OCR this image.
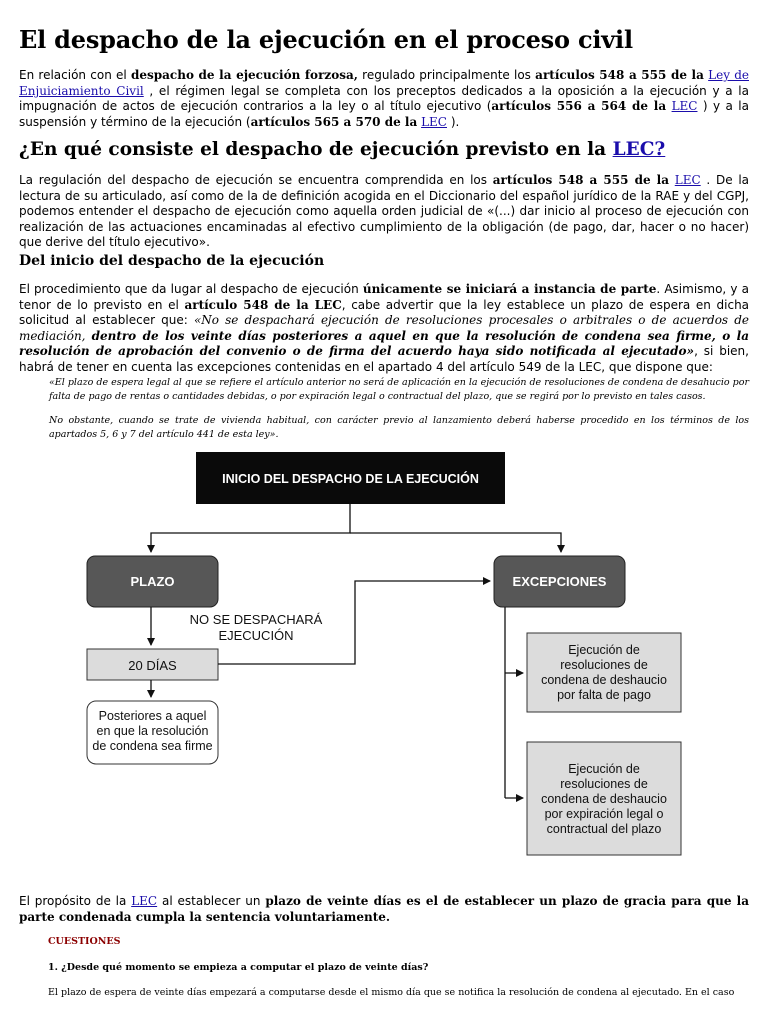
El despacho de la ejecución en el proceso civil
En relación con el despacho de la ejecución forzosa, regulado principalmente los artículos 548 a 555 de la Ley de Enjuiciamiento Civil , el régimen legal se completa con los preceptos dedicados a la oposición a la ejecución y a la impugnación de actos de ejecución contrarios a la ley o al título ejecutivo (artículos 556 a 564 de la LEC ) y a la suspensión y término de la ejecución (artículos 565 a 570 de la LEC ).
¿En qué consiste el despacho de ejecución previsto en la LEC?
La regulación del despacho de ejecución se encuentra comprendida en los artículos 548 a 555 de la LEC . De la lectura de su articulado, así como de la de definición acogida en el Diccionario del español jurídico de la RAE y del CGPJ, podemos entender el despacho de ejecución como aquella orden judicial de «(...) dar inicio al proceso de ejecución con realización de las actuaciones encaminadas al efectivo cumplimiento de la obligación (de pago, dar, hacer o no hacer) que derive del título ejecutivo».
Del inicio del despacho de la ejecución
El procedimiento que da lugar al despacho de ejecución únicamente se iniciará a instancia de parte. Asimismo, y a tenor de lo previsto en el artículo 548 de la LEC, cabe advertir que la ley establece un plazo de espera en dicha solicitud al establecer que: «No se despachará ejecución de resoluciones procesales o arbitrales o de acuerdos de mediación, dentro de los veinte días posteriores a aquel en que la resolución de condena sea firme, o la resolución de aprobación del convenio o de firma del acuerdo haya sido notificada al ejecutado», si bien, habrá de tener en cuenta las excepciones contenidas en el apartado 4 del artículo 549 de la LEC, que dispone que:
«El plazo de espera legal al que se refiere el artículo anterior no será de aplicación en la ejecución de resoluciones de condena de desahucio por falta de pago de rentas o cantidades debidas, o por expiración legal o contractual del plazo, que se regirá por lo previsto en tales casos.
No obstante, cuando se trate de vivienda habitual, con carácter previo al lanzamiento deberá haberse procedido en los términos de los apartados 5, 6 y 7 del artículo 441 de esta ley».
INICIO DEL DESPACHO DE LA EJECUCIÓN
PLAZO	EXCEPCIONES
NO SE DESPACHARÁ
EJECUCIÓN
20 DÍAS
Posteriores a aquel
en que la resolución
de condena sea firme
Ejecución de
resoluciones de
condena de deshaucio
por falta de pago
Ejecución de
resoluciones de
condena de deshaucio
por expiración legal o
contractual del plazo
El propósito de la LEC al establecer un plazo de veinte días es el de establecer un plazo de gracia para que la parte condenada cumpla la sentencia voluntariamente.
CUESTIONES
1. ¿Desde qué momento se empieza a computar el plazo de veinte días?
El plazo de espera de veinte días empezará a computarse desde el mismo día que se notifica la resolución de condena al ejecutado. En el caso
